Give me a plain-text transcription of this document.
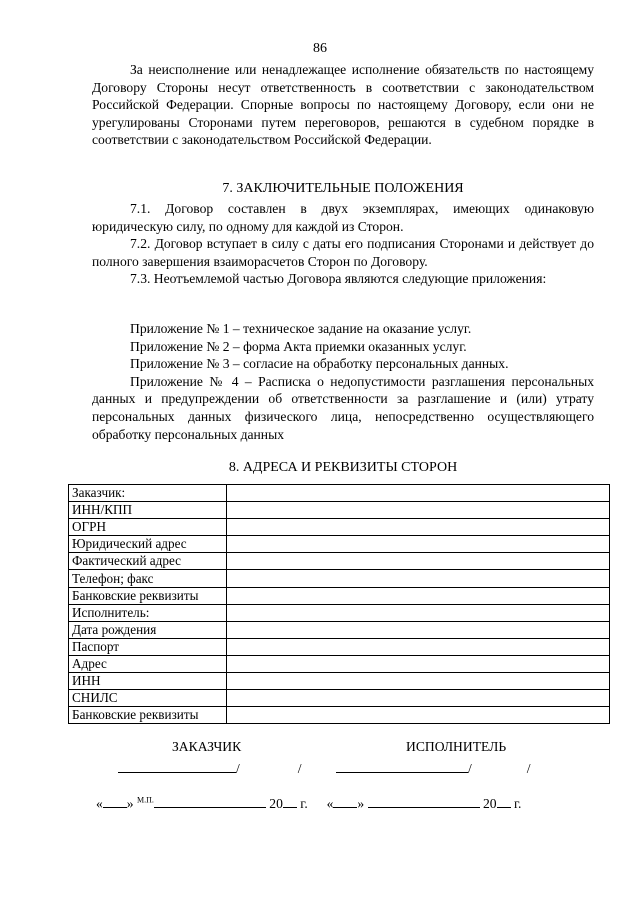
86

За неисполнение или ненадлежащее исполнение обязательств по настоящему Договору Стороны несут ответственность в соответствии с законодательством Российской Федерации. Спорные вопросы по настоящему Договору, если они не урегулированы Сторонами путем переговоров, решаются в судебном порядке в соответствии с законодательством Российской Федерации.

7. ЗАКЛЮЧИТЕЛЬНЫЕ ПОЛОЖЕНИЯ

7.1. Договор составлен в двух экземплярах, имеющих одинаковую юридическую силу, по одному для каждой из Сторон.

7.2. Договор вступает в силу с даты его подписания Сторонами и действует до полного завершения взаиморасчетов Сторон по Договору.

7.3. Неотъемлемой частью Договора являются следующие приложения:

Приложение № 1 – техническое задание на оказание услуг.

Приложение № 2 – форма Акта приемки оказанных услуг.

Приложение № 3 – согласие на обработку персональных данных.

Приложение № 4 – Расписка о недопустимости разглашения персональных данных и предупреждении об ответственности за разглашение и (или) утрату персональных данных физического лица, непосредственно осуществляющего обработку персональных данных

8. АДРЕСА И РЕКВИЗИТЫ СТОРОН
Заказчик:	
ИНН/КПП	
ОГРН	
Юридический адрес	
Фактический адрес	
Телефон; факс	
Банковские реквизиты	
Исполнитель:	
Дата рождения	
Паспорт	
Адрес	
ИНН	
СНИЛС	
Банковские реквизиты	
ЗАКАЗЧИК	ИСПОЛНИТЕЛЬ
/	/	/	/
« » $^{М.П.}$	20 г. « »	20 г.
